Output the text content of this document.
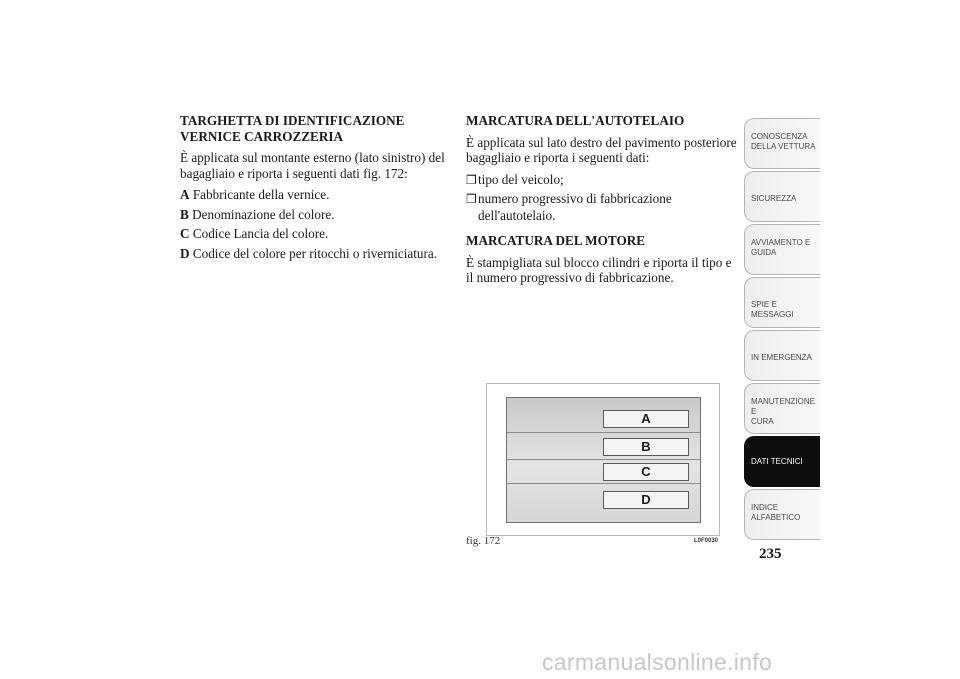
TARGHETTA DI IDENTIFICAZIONE
VERNICE CARROZZERIA

È applicata sul montante esterno (lato sinistro) del bagagliaio e riporta i seguenti dati fig. 172:

A Fabbricante della vernice.
B Denominazione del colore.
C Codice Lancia del colore.
D Codice del colore per ritocchi o riverniciatura.
MARCATURA DELL'AUTOTELAIO

È applicata sul lato destro del pavimento posteriore bagagliaio e riporta i seguenti dati:

❒tipo del veicolo;
❒numero progressivo di fabbricazione dell'autotelaio.
MARCATURA DEL MOTORE

È stampigliata sul blocco cilindri e riporta il tipo e il numero progressivo di fabbricazione.

A
B
C
D
fig. 172	L0F0030
CONOSCENZA
DELLA VETTURA
SICUREZZA

AVVIAMENTO E
GUIDA
SPIE E MESSAGGI

IN EMERGENZA

MANUTENZIONE E
CURA
DATI TECNICI

INDICE
ALFABETICO
235
carmanualsonline.info
